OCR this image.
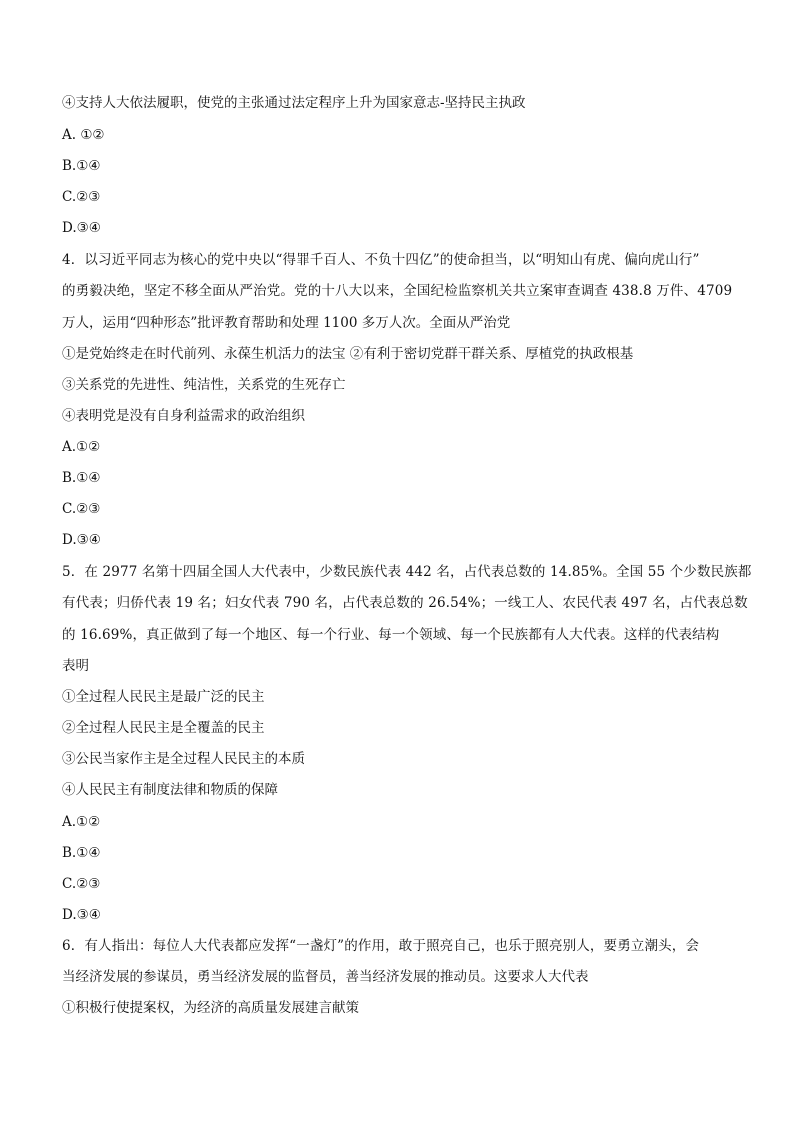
④支持人大依法履职，使党的主张通过法定程序上升为国家意志-坚持民主执政

A. ①②

B.①④

C.②③

D.③④

4．以习近平同志为核心的党中央以“得罪千百人、不负十四亿”的使命担当，以“明知山有虎、偏向虎山行”

的勇毅决绝，坚定不移全面从严治党。党的十八大以来，全国纪检监察机关共立案审查调查 438.8 万件、4709

万人，运用“四种形态”批评教育帮助和处理 1100 多万人次。全面从严治党

①是党始终走在时代前列、永葆生机活力的法宝 ②有利于密切党群干群关系、厚植党的执政根基

③关系党的先进性、纯洁性，关系党的生死存亡

④表明党是没有自身利益需求的政治组织

A.①②

B.①④

C.②③

D.③④

5．在 2977 名第十四届全国人大代表中，少数民族代表 442 名，占代表总数的 14.85%。全国 55 个少数民族都

有代表；归侨代表 19 名；妇女代表 790 名，占代表总数的 26.54%；一线工人、农民代表 497 名，占代表总数

的 16.69%，真正做到了每一个地区、每一个行业、每一个领域、每一个民族都有人大代表。这样的代表结构

表明

①全过程人民民主是最广泛的民主

②全过程人民民主是全覆盖的民主

③公民当家作主是全过程人民民主的本质

④人民民主有制度法律和物质的保障

A.①②

B.①④

C.②③

D.③④

6．有人指出：每位人大代表都应发挥“一盏灯”的作用，敢于照亮自己，也乐于照亮别人，要勇立潮头，会

当经济发展的参谋员，勇当经济发展的监督员，善当经济发展的推动员。这要求人大代表

①积极行使提案权，为经济的高质量发展建言献策
